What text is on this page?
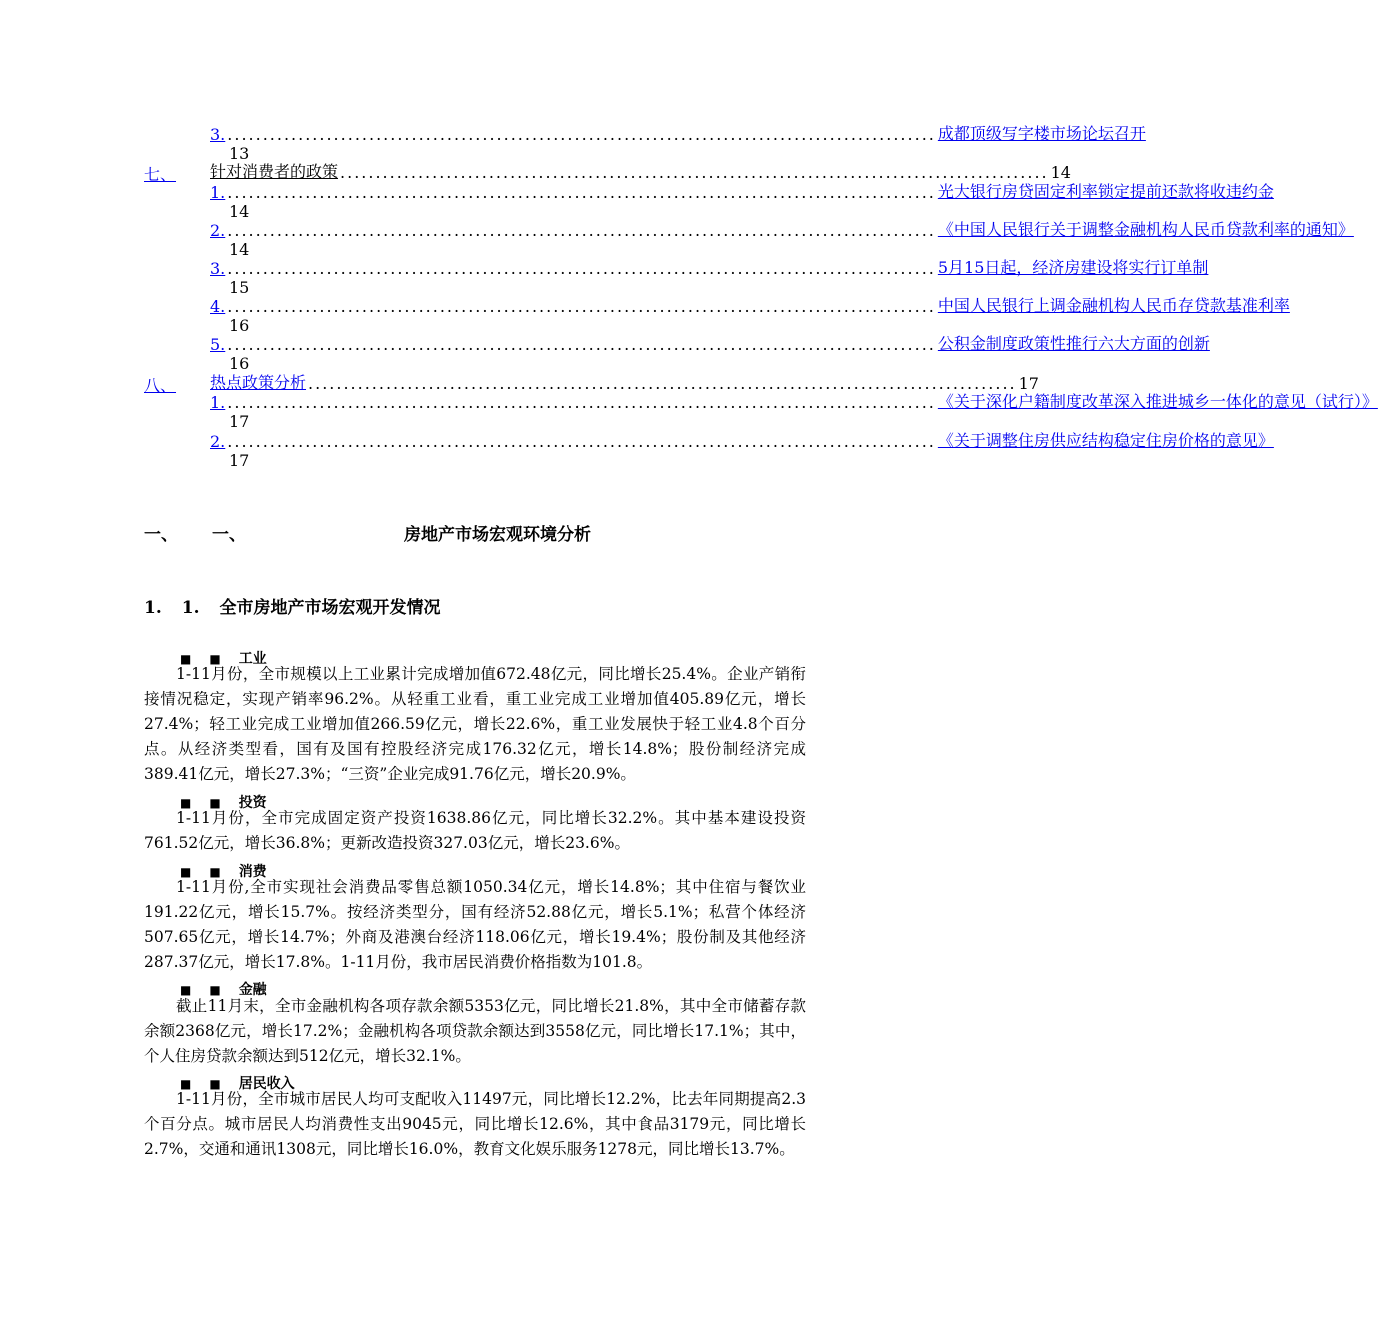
3. .................................................................................................... 成都顶级写字楼市场论坛召开
13
七、 针对消费者的政策 .................................................................................................... 14
1. .................................................................................................... 光大银行房贷固定利率锁定提前还款将收违约金
14
2. .................................................................................................... 《中国人民银行关于调整金融机构人民币贷款利率的通知》
14
3. .................................................................................................... 5月15日起，经济房建设将实行订单制
15
4. .................................................................................................... 中国人民银行上调金融机构人民币存贷款基准利率
16
5. .................................................................................................... 公积金制度政策性推行六大方面的创新
16
八、 热点政策分析 .................................................................................................... 17
1. .................................................................................................... 《关于深化户籍制度改革深入推进城乡一体化的意见（试行）》
17
2. .................................................................................................... 《关于调整住房供应结构稳定住房价格的意见》
17
一、 一、	房地产市场宏观环境分析
1. 1. 全市房地产市场宏观开发情况
■ ■ 工业
1-11月份，全市规模以上工业累计完成增加值672.48亿元，同比增长25.4%。企业产销衔接情况稳定，实现产销率96.2%。从轻重工业看，重工业完成工业增加值405.89亿元，增长27.4%；轻工业完成工业增加值266.59亿元，增长22.6%，重工业发展快于轻工业4.8个百分点。从经济类型看，国有及国有控股经济完成176.32亿元，增长14.8%；股份制经济完成389.41亿元，增长27.3%；“三资”企业完成91.76亿元，增长20.9%。
■ ■ 投资
1-11月份，全市完成固定资产投资1638.86亿元，同比增长32.2%。其中基本建设投资761.52亿元，增长36.8%；更新改造投资327.03亿元，增长23.6%。
■ ■ 消费
1-11月份,全市实现社会消费品零售总额1050.34亿元，增长14.8%；其中住宿与餐饮业191.22亿元，增长15.7%。按经济类型分，国有经济52.88亿元，增长5.1%；私营个体经济507.65亿元，增长14.7%；外商及港澳台经济118.06亿元，增长19.4%；股份制及其他经济287.37亿元，增长17.8%。1-11月份，我市居民消费价格指数为101.8。
■ ■ 金融
截止11月末，全市金融机构各项存款余额5353亿元，同比增长21.8%，其中全市储蓄存款余额2368亿元，增长17.2%；金融机构各项贷款余额达到3558亿元，同比增长17.1%；其中，个人住房贷款余额达到512亿元，增长32.1%。
■ ■ 居民收入
1-11月份，全市城市居民人均可支配收入11497元，同比增长12.2%，比去年同期提高2.3个百分点。城市居民人均消费性支出9045元，同比增长12.6%，其中食品3179元，同比增长2.7%，交通和通讯1308元，同比增长16.0%，教育文化娱乐服务1278元，同比增长13.7%。
